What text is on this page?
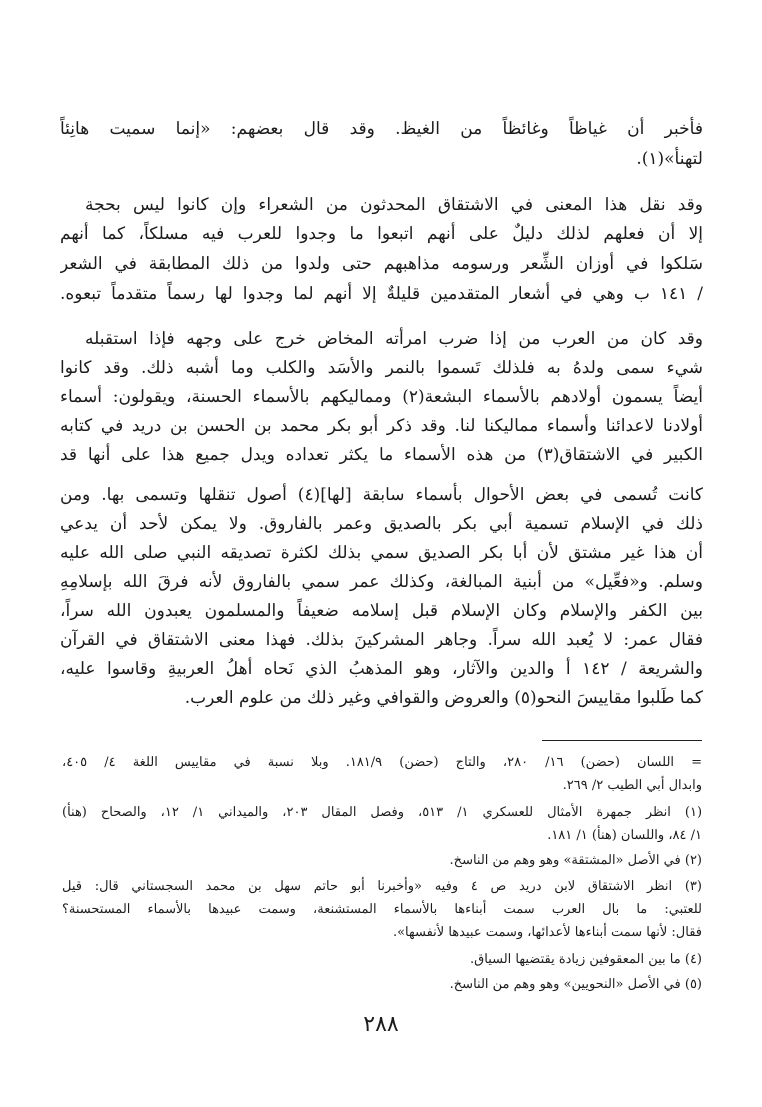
فأخبر أن غياظاً وغائظاً من الغيظ. وقد قال بعضهم: «إنما سميت هانِئاً
لتهنأ»(١).
وقد نقل هذا المعنى في الاشتقاق المحدثون من الشعراء وإن كانوا ليس بحجة
إلا أن فعلهم لذلك دليلٌ على أنهم اتبعوا ما وجدوا للعرب فيه مسلكاً، كما أنهم
سَلكوا في أوزان الشِّعر ورسومه مذاهبهم حتى ولدوا من ذلك المطابقة في الشعر
/ ١٤١ ب وهي في أشعار المتقدمين قليلةٌ إلا أنهم لما وجدوا لها رسماً متقدماً تبعوه.
وقد كان من العرب من إذا ضرب امرأته المخاض خرج على وجهه فإذا استقبله
شيء سمى ولدهُ به فلذلك تَسموا بالنمر والأسَد والكلب وما أشبه ذلك. وقد كانوا
أيضاً يسمون أولادهم بالأسماء البشعة(٢) ومماليكهم بالأسماء الحسنة، ويقولون: أسماء
أولادنا لاعدائنا وأسماء مماليكنا لنا. وقد ذكر أبو بكر محمد بن الحسن بن دريد في كتابه
الكبير في الاشتقاق(٣) من هذه الأسماء ما يكثر تعداده ويدل جميع هذا على أنها قد
كانت تُسمى في بعض الأحوال بأسماء سابقة [لها](٤) أصول تنقلها وتسمى بها. ومن
ذلك في الإسلام تسمية أبي بكر بالصديق وعمر بالفاروق. ولا يمكن لأحد أن يدعي
أن هذا غير مشتق لأن أبا بكر الصديق سمي بذلك لكثرة تصديقه النبي صلى الله عليه
وسلم. و«فعِّيل» من أبنية المبالغة، وكذلك عمر سمي بالفاروق لأنه فرقَ الله بإسلامِهِ
بين الكفر والإسلام وكان الإسلام قبل إسلامه ضعيفاً والمسلمون يعبدون الله سراً،
فقال عمر: لا يُعبد الله سراً. وجاهر المشركينَ بذلك. فهذا معنى الاشتقاق في القرآن
والشريعة / ١٤٢ أ والدين والآثار، وهو المذهبُ الذي نَحاه أهلُ العربيةِ وقاسوا عليه،
كما طَلبوا مقاييسَ النحو(٥) والعروض والقوافي وغير ذلك من علوم العرب.
= اللسان (حضن) ١٦/ ٢٨٠، والتاج (حضن) ١٨١/٩. وبلا نسبة في مقاييس اللغة ٤/ ٤٠٥،
وابدال أبي الطيب ٢/ ٢٦٩.
(١) انظر جمهرة الأمثال للعسكري ١/ ٥١٣، وفصل المقال ٢٠٣، والميداني ١/ ١٢، والصحاح (هنأ)
١/ ٨٤، واللسان (هنأ) ١/ ١٨١.
(٢) في الأصل «المشتقة» وهو وهم من الناسخ.
(٣) انظر الاشتقاق لابن دريد ص ٤ وفيه «وأخبرنا أبو حاتم سهل بن محمد السجستاني قال: قيل
للعتبي: ما بال العرب سمت أبناءها بالأسماء المستشنعة، وسمت عبيدها بالأسماء المستحسنة؟
فقال: لأنها سمت أبناءها لأعدائها، وسمت عبيدها لأنفسها».
(٤) ما بين المعقوفين زيادة يقتضيها السياق.
(٥) في الأصل «النحويين» وهو وهم من الناسخ.
٢٨٨
